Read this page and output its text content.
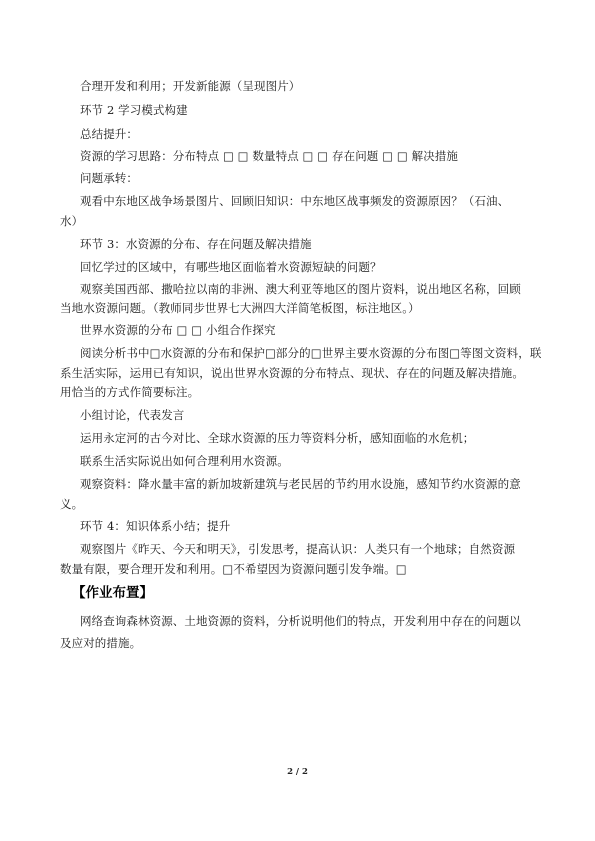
合理开发和利用；开发新能源（呈现图片）
环节 2 学习模式构建
总结提升：
资源的学习思路：分布特点 □ □ 数量特点 □ □ 存在问题 □ □ 解决措施
问题承转：
观看中东地区战争场景图片、回顾旧知识：中东地区战事频发的资源原因？（石油、
水）
环节 3：水资源的分布、存在问题及解决措施
回忆学过的区域中，有哪些地区面临着水资源短缺的问题？
观察美国西部、撒哈拉以南的非洲、澳大利亚等地区的图片资料，说出地区名称，回顾
当地水资源问题。（教师同步世界七大洲四大洋简笔板图，标注地区。）
世界水资源的分布 □ □ 小组合作探究
阅读分析书中□水资源的分布和保护□部分的□世界主要水资源的分布图□等图文资料，联
系生活实际，运用已有知识，说出世界水资源的分布特点、现状、存在的问题及解决措施。
用恰当的方式作简要标注。
小组讨论，代表发言
运用永定河的古今对比、全球水资源的压力等资料分析，感知面临的水危机；
联系生活实际说出如何合理利用水资源。
观察资料：降水量丰富的新加坡新建筑与老民居的节约用水设施，感知节约水资源的意
义。
环节 4：知识体系小结；提升
观察图片《昨天、今天和明天》，引发思考，提高认识：人类只有一个地球；自然资源
数量有限，要合理开发和利用。□不希望因为资源问题引发争端。□
【作业布置】
网络查询森林资源、土地资源的资料，分析说明他们的特点，开发利用中存在的问题以
及应对的措施。
2 / 2
